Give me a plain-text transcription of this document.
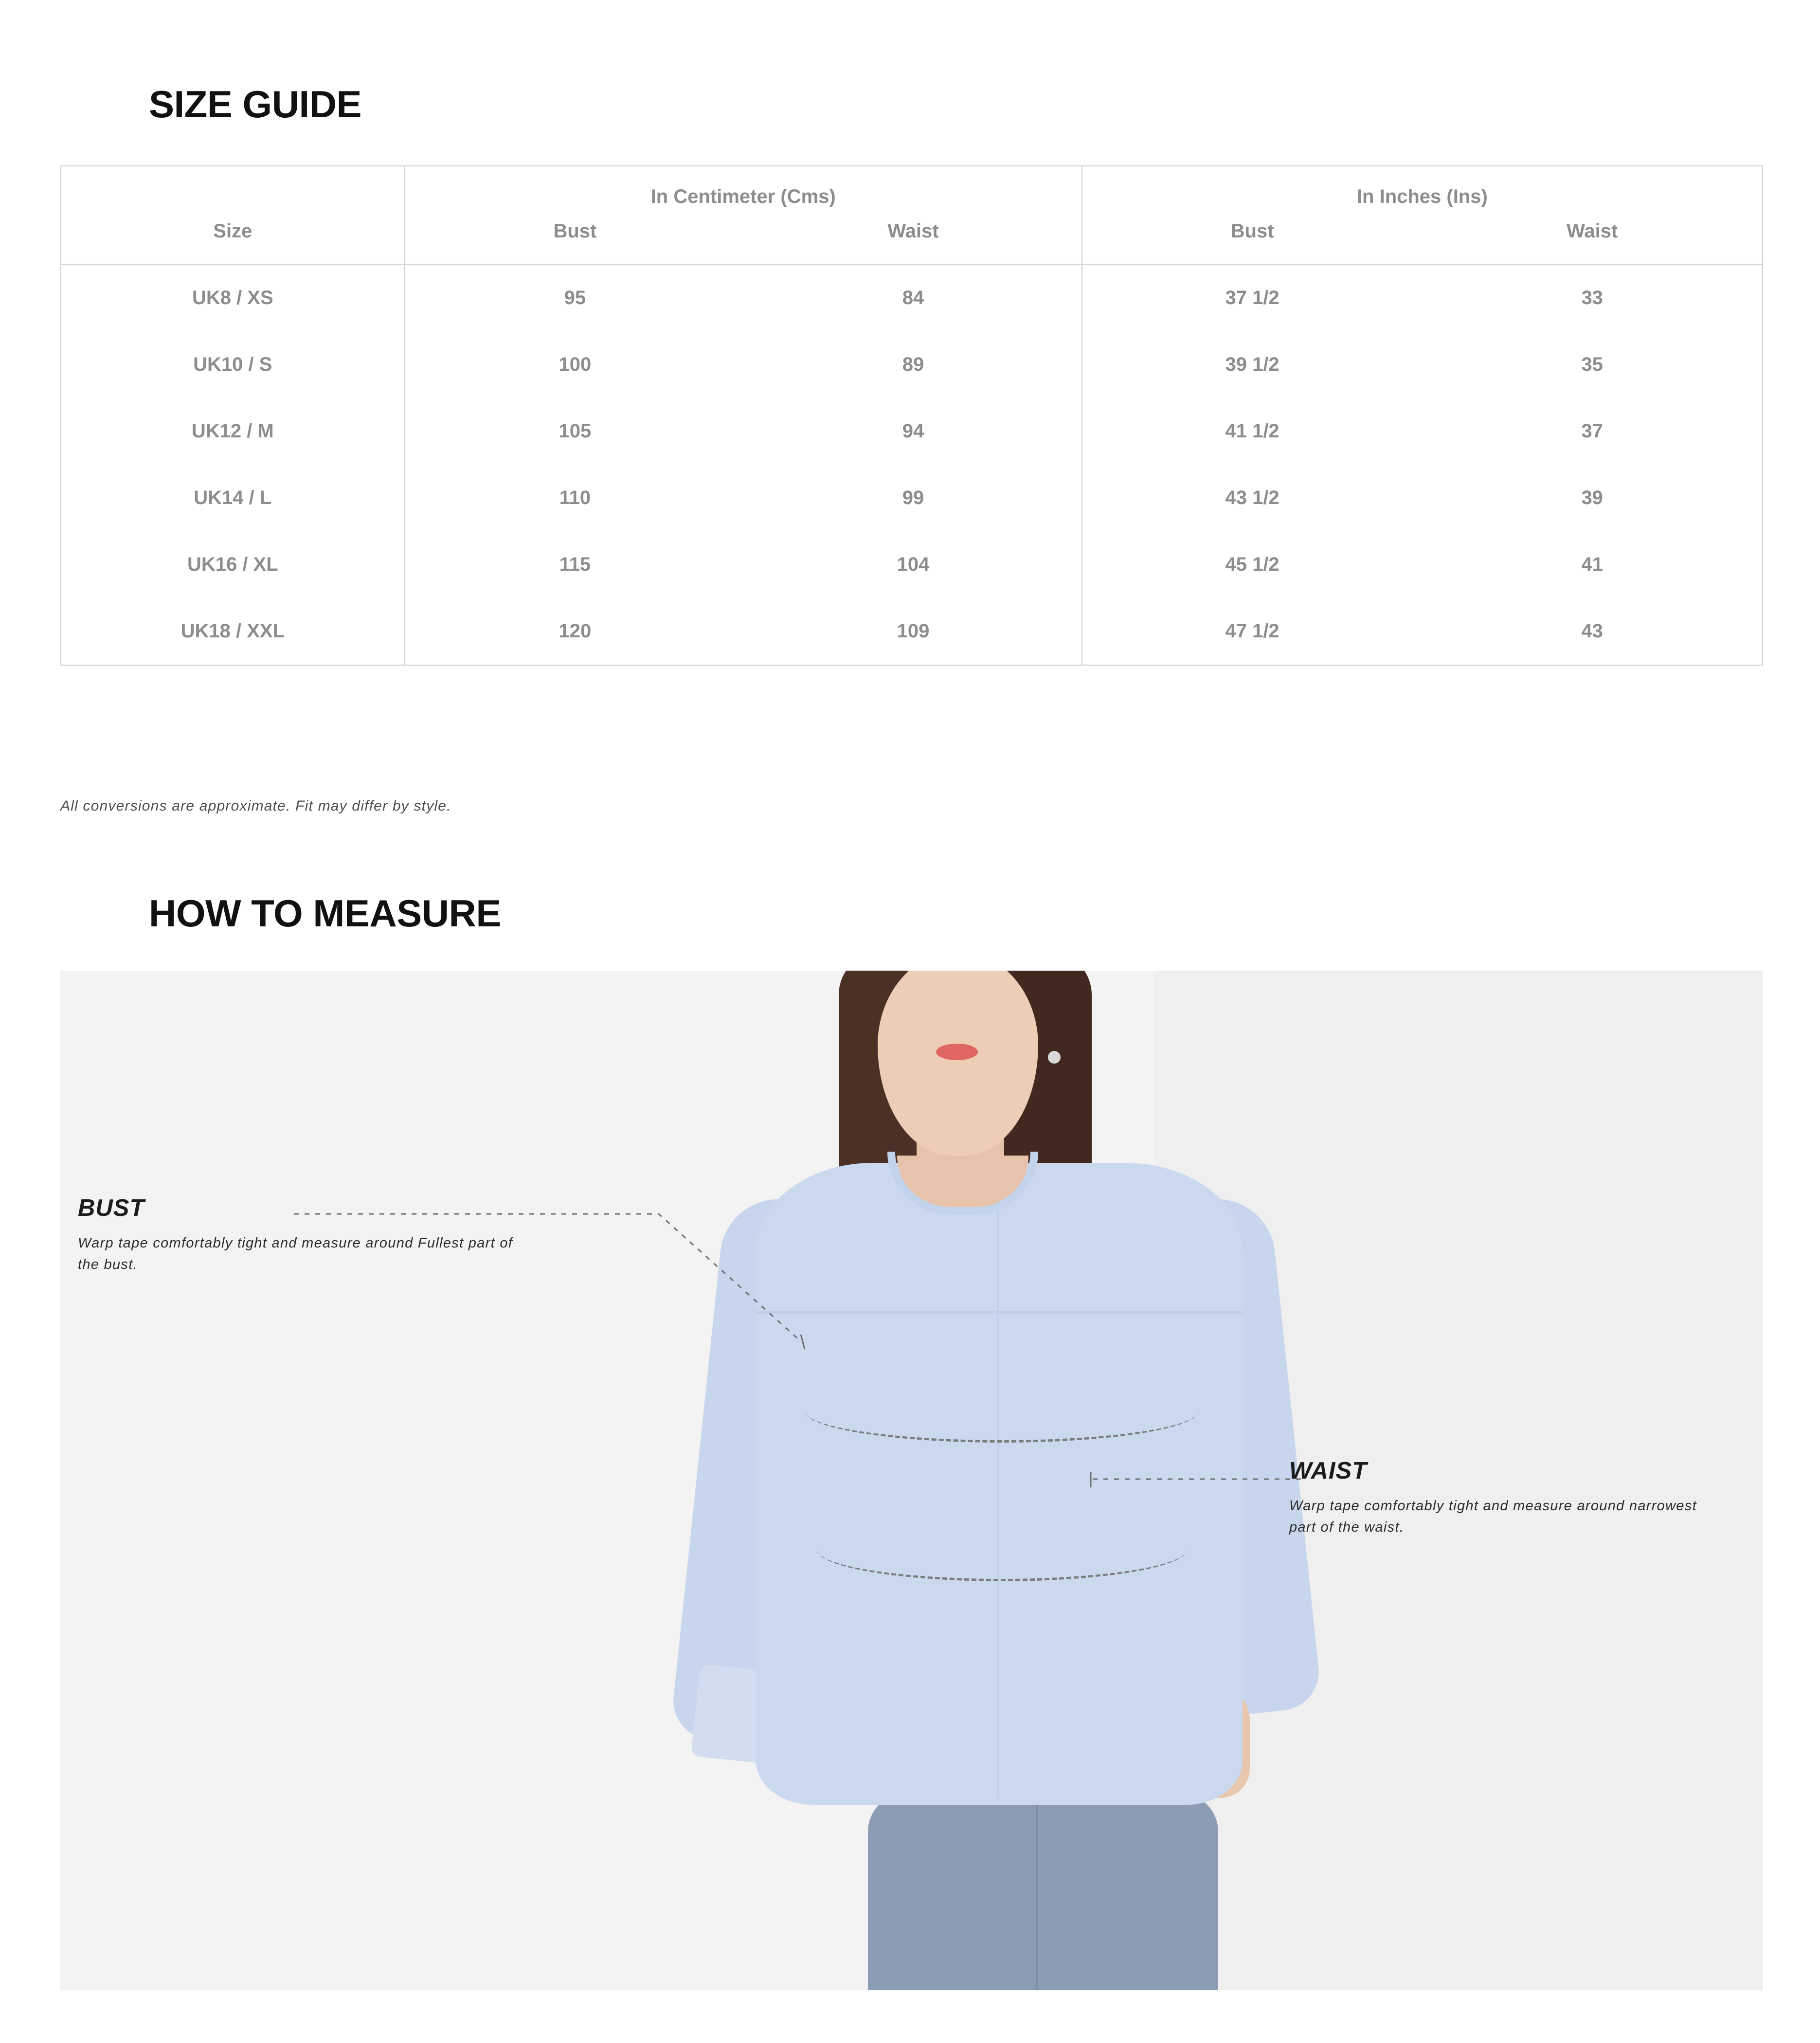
SIZE GUIDE
	In Centimeter (Cms)		In Inches (Ins)	
Size	Bust	Waist	Bust	Waist
UK8 / XS	95	84	37 1/2	33
UK10 / S	100	89	39 1/2	35
UK12 / M	105	94	41 1/2	37
UK14 / L	110	99	43 1/2	39
UK16 / XL	115	104	45 1/2	41
UK18 / XXL	120	109	47 1/2	43
All conversions are approximate. Fit may differ by style.
HOW TO MEASURE
BUST
Warp tape comfortably tight and measure around Fullest part of the bust.
WAIST
Warp tape comfortably tight and measure around narrowest part of the waist.
